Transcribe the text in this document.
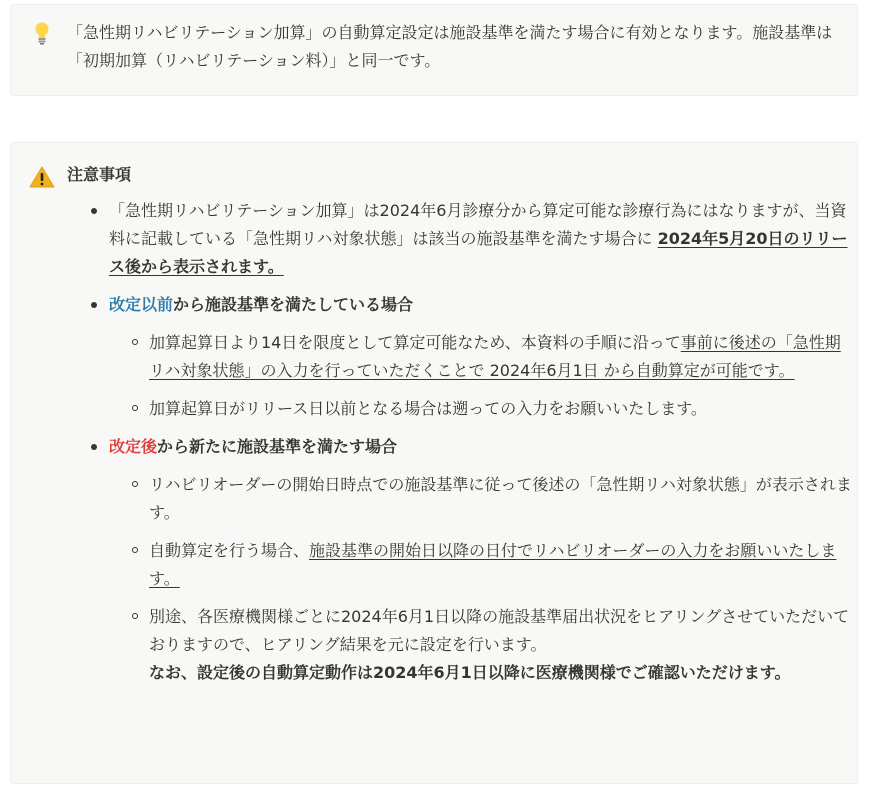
「急性期リハビリテーション加算」の自動算定設定は施設基準を満たす場合に有効となります。施設基準は「初期加算（リハビリテーション料）」と同一です。
注意事項
「急性期リハビリテーション加算」は2024年6月診療分から算定可能な診療行為にはなりますが、当資料に記載している「急性期リハ対象状態」は該当の施設基準を満たす場合に 2024年5月20日のリリース後から表示されます。
改定以前から施設基準を満たしている場合
加算起算日より14日を限度として算定可能なため、本資料の手順に沿って事前に後述の「急性期リハ対象状態」の入力を行っていただくことで 2024年6月1日 から自動算定が可能です。
加算起算日がリリース日以前となる場合は遡っての入力をお願いいたします。
改定後から新たに施設基準を満たす場合
リハビリオーダーの開始日時点での施設基準に従って後述の「急性期リハ対象状態」が表示されます。
自動算定を行う場合、施設基準の開始日以降の日付でリハビリオーダーの入力をお願いいたします。
別途、各医療機関様ごとに2024年6月1日以降の施設基準届出状況をヒアリングさせていただいておりますので、ヒアリング結果を元に設定を行います。
なお、設定後の自動算定動作は2024年6月1日以降に医療機関様でご確認いただけます。
